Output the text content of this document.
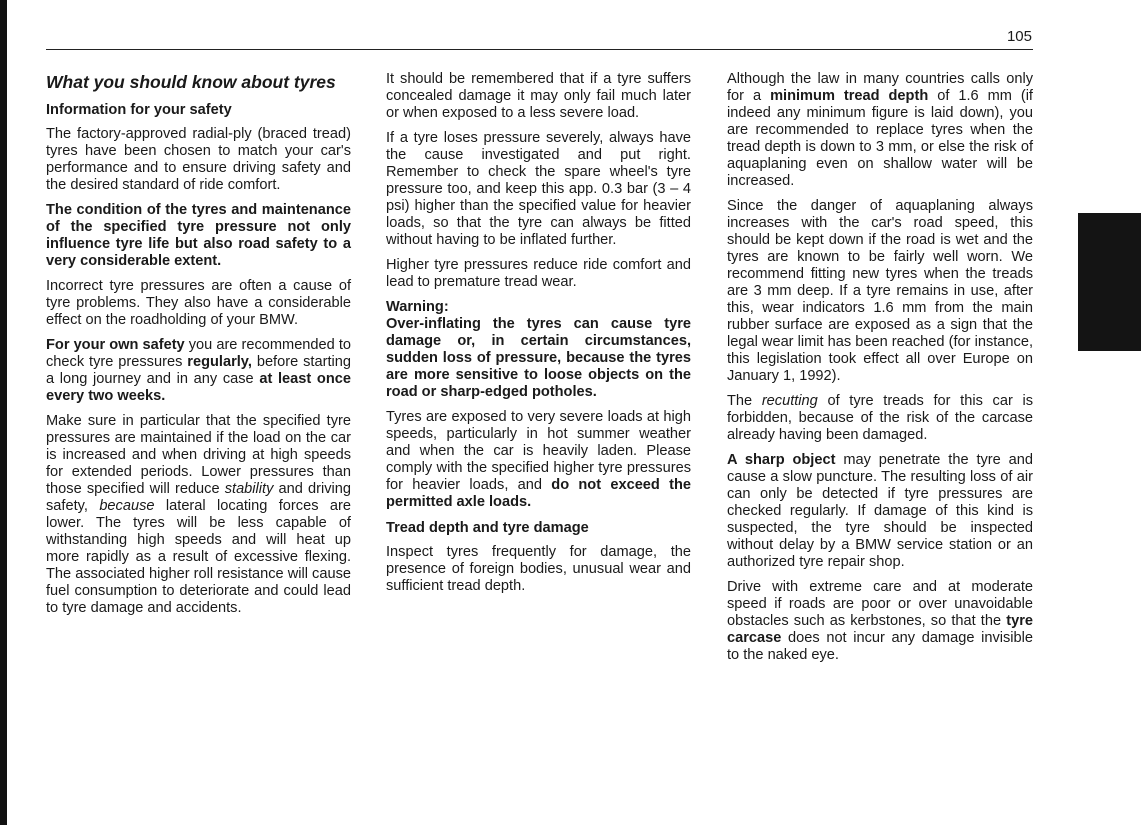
105
What you should know about tyres
Information for your safety

The factory-approved radial-ply (braced tread) tyres have been chosen to match your car's performance and to ensure driving safety and the desired standard of ride comfort.

The condition of the tyres and maintenance of the specified tyre pressure not only influence tyre life but also road safety to a very considerable extent.

Incorrect tyre pressures are often a cause of tyre problems. They also have a considerable effect on the roadholding of your BMW.

For your own safety you are recommended to check tyre pressures regularly, before starting a long journey and in any case at least once every two weeks.

Make sure in particular that the specified tyre pressures are maintained if the load on the car is increased and when driving at high speeds for extended periods. Lower pressures than those specified will reduce stability and driving safety, because lateral locating forces are lower. The tyres will be less capable of withstanding high speeds and will heat up more rapidly as a result of excessive flexing. The associated higher roll resistance will cause fuel consumption to deteriorate and could lead to tyre damage and accidents.

It should be remembered that if a tyre suffers concealed damage it may only fail much later or when exposed to a less severe load.

If a tyre loses pressure severely, always have the cause investigated and put right. Remember to check the spare wheel's tyre pressure too, and keep this app. 0.3 bar (3 – 4 psi) higher than the specified value for heavier loads, so that the tyre can always be fitted without having to be inflated further.

Higher tyre pressures reduce ride comfort and lead to premature tread wear.

Warning:
Over-inflating the tyres can cause tyre damage or, in certain circumstances, sudden loss of pressure, because the tyres are more sensitive to loose objects on the road or sharp-edged potholes.

Tyres are exposed to very severe loads at high speeds, particularly in hot summer weather and when the car is heavily laden. Please comply with the specified higher tyre pressures for heavier loads, and do not exceed the permitted axle loads.

Tread depth and tyre damage

Inspect tyres frequently for damage, the presence of foreign bodies, unusual wear and sufficient tread depth.

Although the law in many countries calls only for a minimum tread depth of 1.6 mm (if indeed any minimum figure is laid down), you are recommended to replace tyres when the tread depth is down to 3 mm, or else the risk of aquaplaning even on shallow water will be increased.

Since the danger of aquaplaning always increases with the car's road speed, this should be kept down if the road is wet and the tyres are known to be fairly well worn. We recommend fitting new tyres when the treads are 3 mm deep. If a tyre remains in use, after this, wear indicators 1.6 mm from the main rubber surface are exposed as a sign that the legal wear limit has been reached (for instance, this legislation took effect all over Europe on January 1, 1992).

The recutting of tyre treads for this car is forbidden, because of the risk of the carcase already having been damaged.

A sharp object may penetrate the tyre and cause a slow puncture. The resulting loss of air can only be detected if tyre pressures are checked regularly. If damage of this kind is suspected, the tyre should be inspected without delay by a BMW service station or an authorized tyre repair shop.

Drive with extreme care and at moderate speed if roads are poor or over unavoidable obstacles such as kerbstones, so that the tyre carcase does not incur any damage invisible to the naked eye.
